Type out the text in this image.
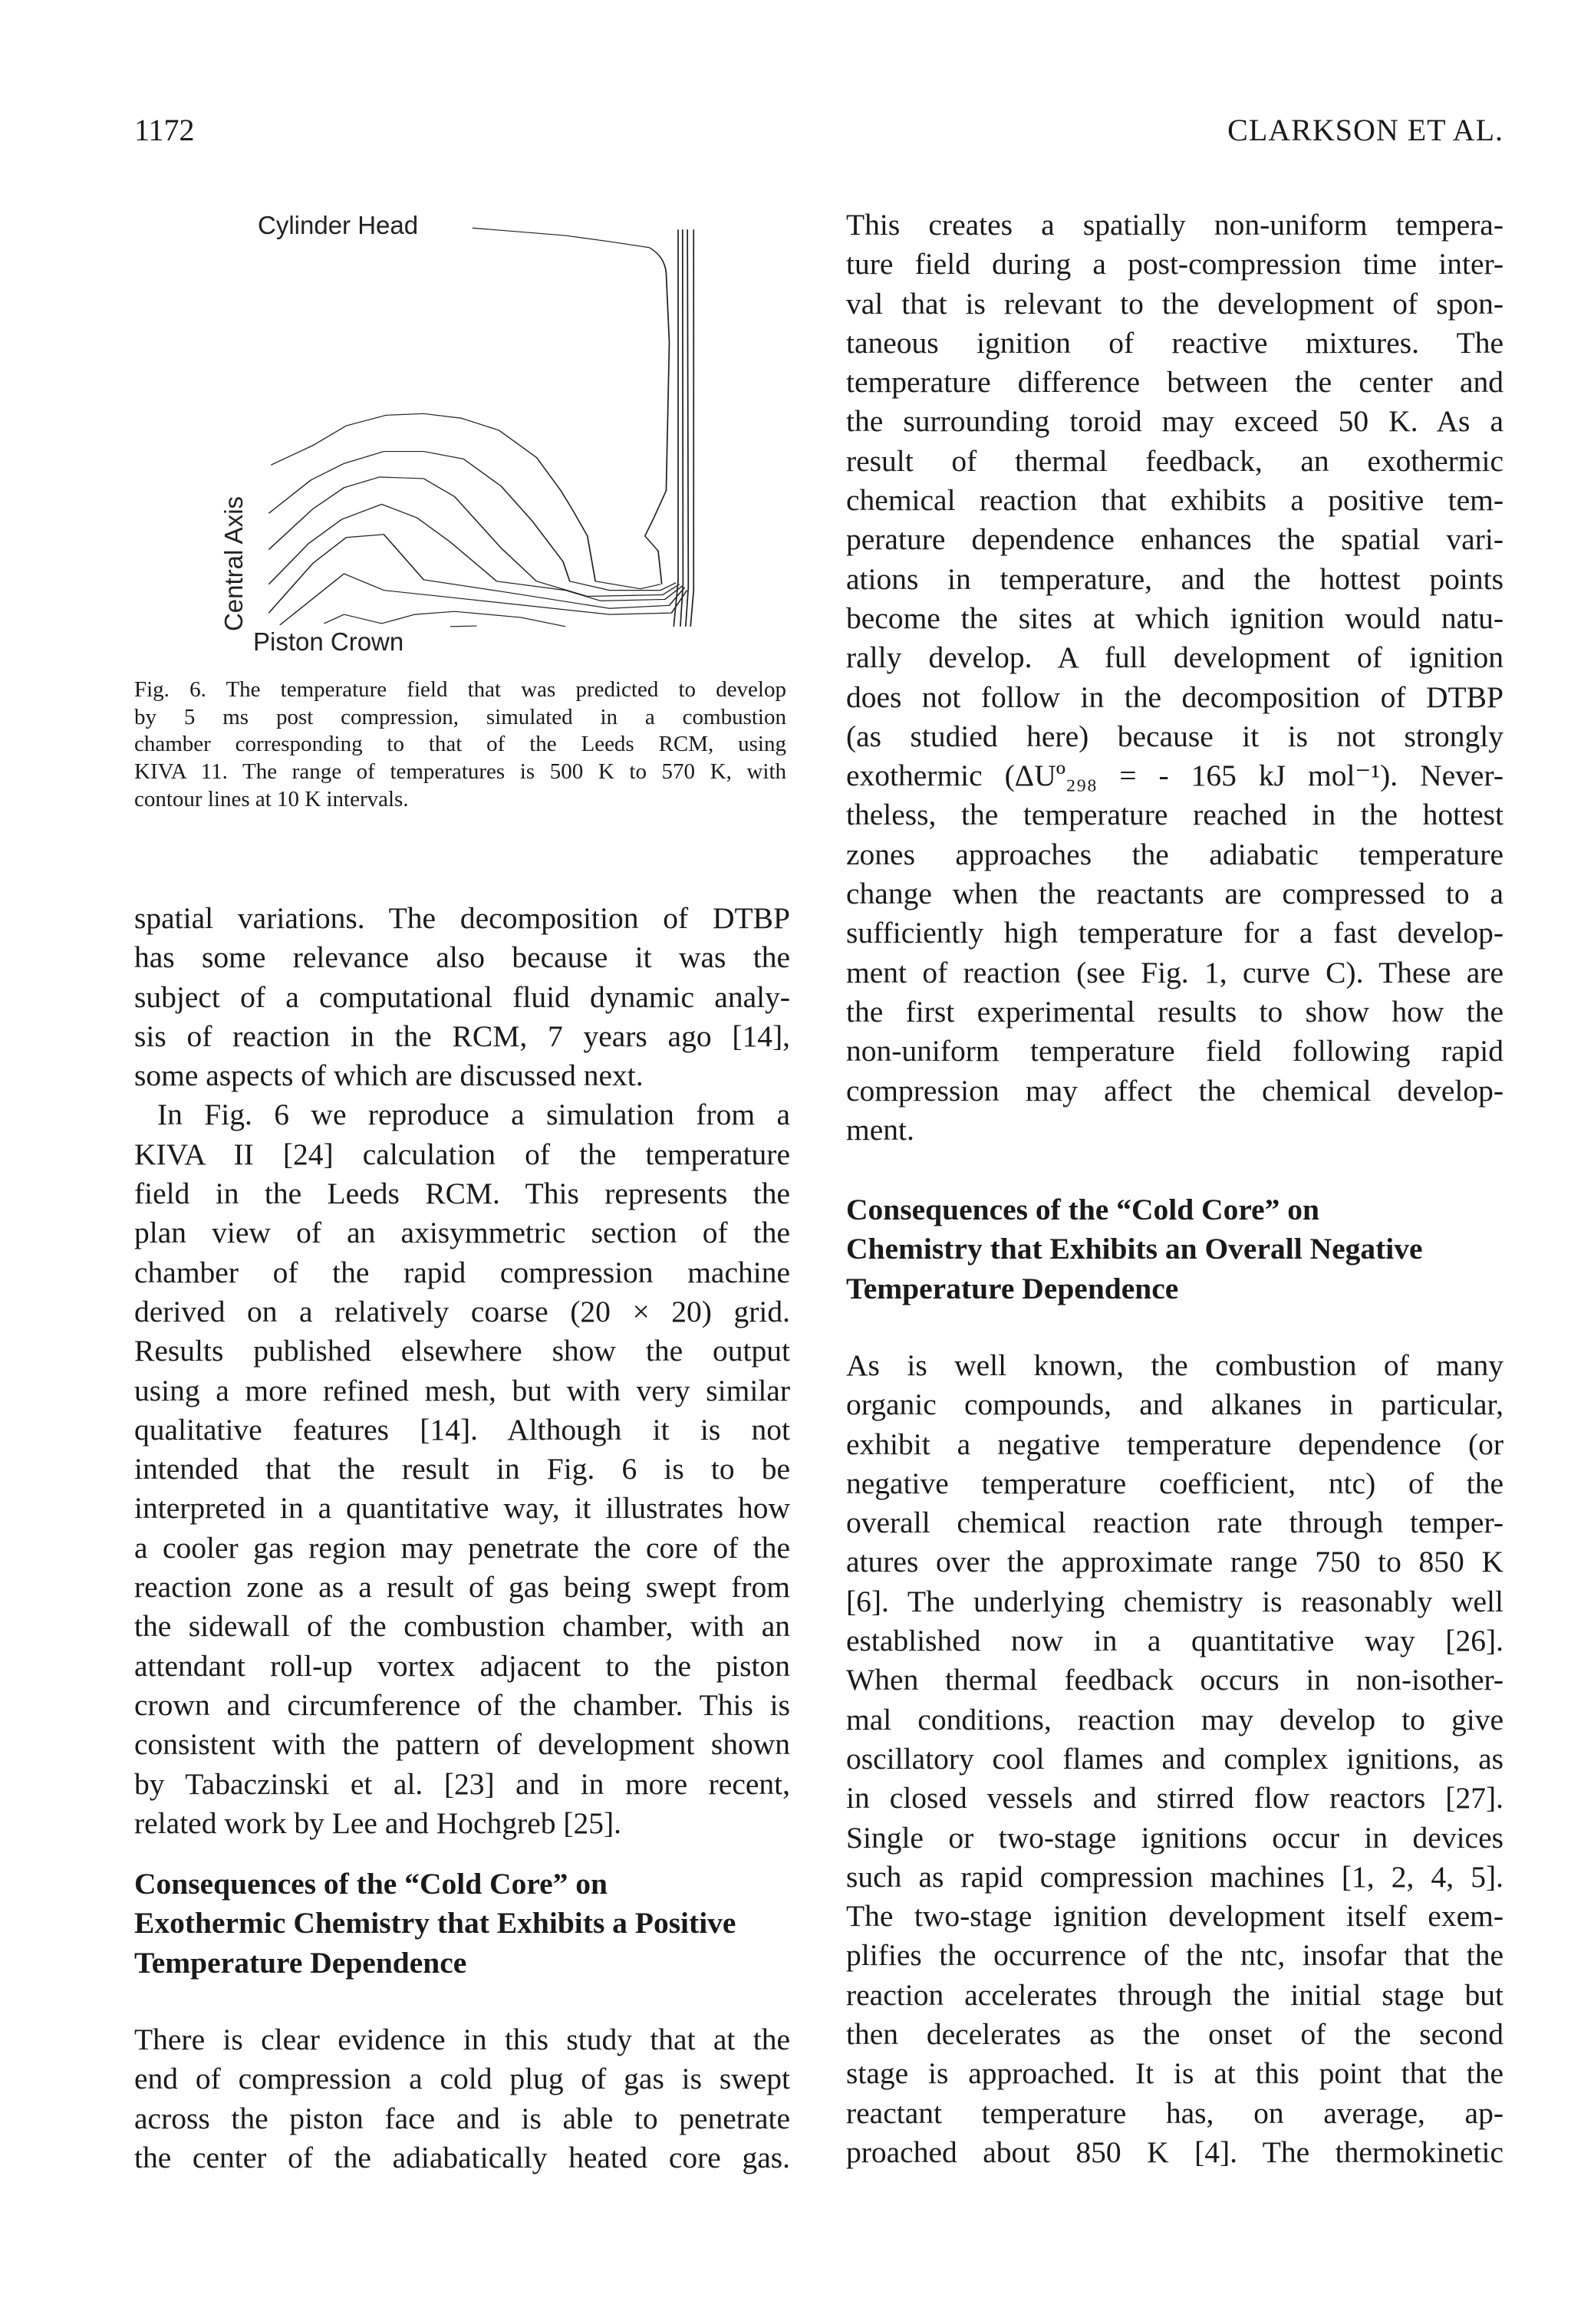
1172	CLARKSON ET AL.
Cylinder Head
Central Axis
Piston Crown
Fig. 6. The temperature field that was predicted to develop
by 5 ms post compression, simulated in a combustion
chamber corresponding to that of the Leeds RCM, using
KIVA 11. The range of temperatures is 500 K to 570 K, with
contour lines at 10 K intervals.
spatial variations. The decomposition of DTBP
has some relevance also because it was the
subject of a computational fluid dynamic analy-
sis of reaction in the RCM, 7 years ago [14],
some aspects of which are discussed next.
In Fig. 6 we reproduce a simulation from a
KIVA II [24] calculation of the temperature
field in the Leeds RCM. This represents the
plan view of an axisymmetric section of the
chamber of the rapid compression machine
derived on a relatively coarse (20 × 20) grid.
Results published elsewhere show the output
using a more refined mesh, but with very similar
qualitative features [14]. Although it is not
intended that the result in Fig. 6 is to be
interpreted in a quantitative way, it illustrates how
a cooler gas region may penetrate the core of the
reaction zone as a result of gas being swept from
the sidewall of the combustion chamber, with an
attendant roll-up vortex adjacent to the piston
crown and circumference of the chamber. This is
consistent with the pattern of development shown
by Tabaczinski et al. [23] and in more recent,
related work by Lee and Hochgreb [25].
Consequences of the “Cold Core” on
Exothermic Chemistry that Exhibits a Positive
Temperature Dependence
There is clear evidence in this study that at the
end of compression a cold plug of gas is swept
across the piston face and is able to penetrate
the center of the adiabatically heated core gas.
This creates a spatially non-uniform tempera-
ture field during a post-compression time inter-
val that is relevant to the development of spon-
taneous ignition of reactive mixtures. The
temperature difference between the center and
the surrounding toroid may exceed 50 K. As a
result of thermal feedback, an exothermic
chemical reaction that exhibits a positive tem-
perature dependence enhances the spatial vari-
ations in temperature, and the hottest points
become the sites at which ignition would natu-
rally develop. A full development of ignition
does not follow in the decomposition of DTBP
(as studied here) because it is not strongly
exothermic (ΔUº₂₉₈ = - 165 kJ mol⁻¹). Never-
theless, the temperature reached in the hottest
zones approaches the adiabatic temperature
change when the reactants are compressed to a
sufficiently high temperature for a fast develop-
ment of reaction (see Fig. 1, curve C). These are
the first experimental results to show how the
non-uniform temperature field following rapid
compression may affect the chemical develop-
ment.
Consequences of the “Cold Core” on
Chemistry that Exhibits an Overall Negative
Temperature Dependence
As is well known, the combustion of many
organic compounds, and alkanes in particular,
exhibit a negative temperature dependence (or
negative temperature coefficient, ntc) of the
overall chemical reaction rate through temper-
atures over the approximate range 750 to 850 K
[6]. The underlying chemistry is reasonably well
established now in a quantitative way [26].
When thermal feedback occurs in non-isother-
mal conditions, reaction may develop to give
oscillatory cool flames and complex ignitions, as
in closed vessels and stirred flow reactors [27].
Single or two-stage ignitions occur in devices
such as rapid compression machines [1, 2, 4, 5].
The two-stage ignition development itself exem-
plifies the occurrence of the ntc, insofar that the
reaction accelerates through the initial stage but
then decelerates as the onset of the second
stage is approached. It is at this point that the
reactant temperature has, on average, ap-
proached about 850 K [4]. The thermokinetic
